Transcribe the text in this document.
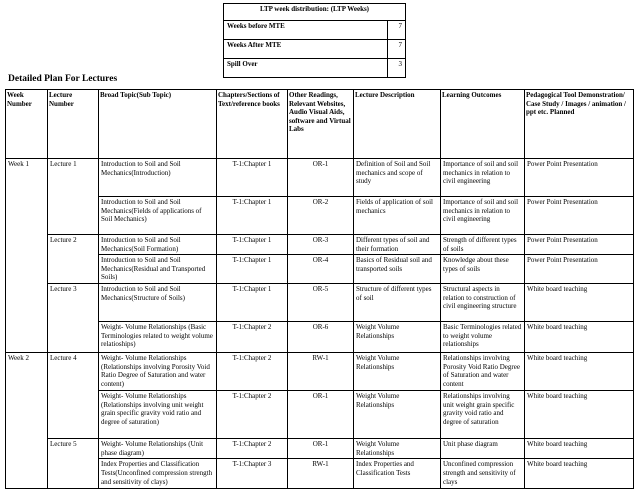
LTP week distribution: (LTP Weeks)	
Weeks before MTE	7
Weeks After MTE	7
Spill Over	3
Detailed Plan For Lectures
Week Number	Lecture Number	Broad Topic(Sub Topic)	Chapters/Sections of Text/reference books	Other Readings, Relevant Websites, Audio Visual Aids, software and Virtual Labs	Lecture Description	Learning Outcomes	Pedagogical Tool Demonstration/ Case Study / Images / animation / ppt etc. Planned
Week 1	Lecture 1	Introduction to Soil and Soil Mechanics(Introduction)	T-1:Chapter 1	OR-1	Definition of Soil and Soil mechanics and scope of study	Importance of soil and soil mechanics in relation to civil engineering	Power Point Presentation
		Introduction to Soil and Soil Mechanics(Fields of applications of Soil Mechanics)	T-1:Chapter 1	OR-2	Fields of application of soil mechanics	Importance of soil and soil mechanics in relation to civil engineering	Power Point Presentation
	Lecture 2	Introduction to Soil and Soil Mechanics(Soil Formation)	T-1:Chapter 1	OR-3	Different types of soil and their formation	Strength of different types of soils	Power Point Presentation
		Introduction to Soil and Soil Mechanics(Residual and Transported Soils)	T-1:Chapter 1	OR-4	Basics of Residual soil and transported soils	Knowledge about these types of soils	Power Point Presentation
	Lecture 3	Introduction to Soil and Soil Mechanics(Structure of Soils)	T-1:Chapter 1	OR-5	Structure of different types of soil	Structural aspects in relation to construction of civil engineering structure	White board teaching
		Weight- Volume Relationships (Basic Terminologies related to weight volume relatioships)	T-1:Chapter 2	OR-6	Weight Volume Relationships	Basic Terminologies related to weight volume relationships	White board teaching
Week 2	Lecture 4	Weight- Volume Relationships (Relationships involving Porosity Void Ratio Degree of Saturation and water content)	T-1:Chapter 2	RW-1	Weight Volume Relationships	Relationships involving Porosity Void Ratio Degree of Saturation and water content	White board teaching
		Weight- Volume Relationships (Relationships involving unit weight grain specific gravity void ratio and degree of saturation)	T-1:Chapter 2	OR-1	Weight Volume Relationships	Relationships involving unit weight grain specific gravity void ratio and degree of saturation	White board teaching
	Lecture 5	Weight- Volume Relationships (Unit phase diagram)	T-1:Chapter 2	OR-1	Weight Volume Relationships	Unit phase diagram	White board teaching
		Index Properties and Classification Tests(Unconfined compression strength and sensitivity of clays)	T-1:Chapter 3	RW-1	Index Properties and Classification Tests	Unconfined compression strength and sensitivity of clays	White board teaching
